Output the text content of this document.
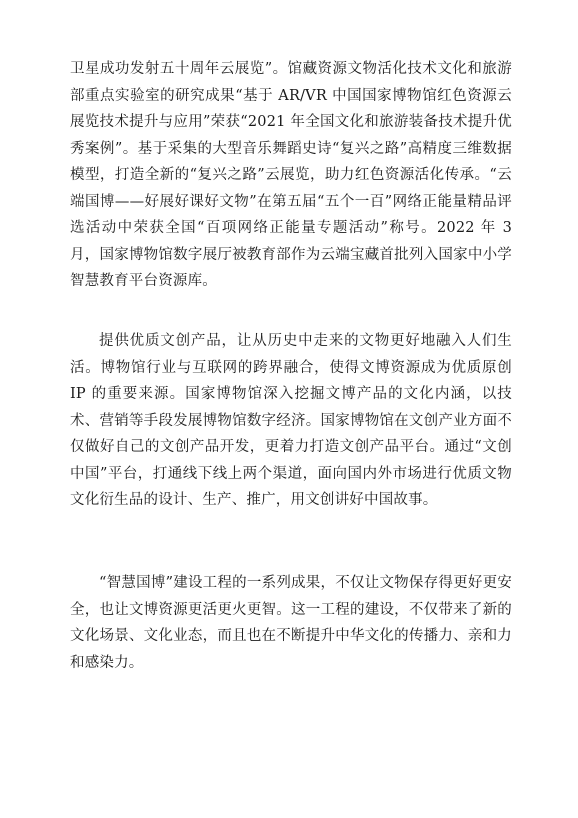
卫星成功发射五十周年云展览”。馆藏资源文物活化技术文化和旅游部重点实验室的研究成果“基于 AR/VR 中国国家博物馆红色资源云展览技术提升与应用”荣获“2021 年全国文化和旅游装备技术提升优秀案例”。基于采集的大型音乐舞蹈史诗“复兴之路”高精度三维数据模型，打造全新的“复兴之路”云展览，助力红色资源活化传承。“云端国博——好展好课好文物”在第五届“五个一百”网络正能量精品评选活动中荣获全国“百项网络正能量专题活动”称号。2022 年 3 月，国家博物馆数字展厅被教育部作为云端宝藏首批列入国家中小学智慧教育平台资源库。

提供优质文创产品，让从历史中走来的文物更好地融入人们生活。博物馆行业与互联网的跨界融合，使得文博资源成为优质原创 IP 的重要来源。国家博物馆深入挖掘文博产品的文化内涵，以技术、营销等手段发展博物馆数字经济。国家博物馆在文创产业方面不仅做好自己的文创产品开发，更着力打造文创产品平台。通过“文创中国”平台，打通线下线上两个渠道，面向国内外市场进行优质文物文化衍生品的设计、生产、推广，用文创讲好中国故事。

“智慧国博”建设工程的一系列成果，不仅让文物保存得更好更安全，也让文博资源更活更火更智。这一工程的建设，不仅带来了新的文化场景、文化业态，而且也在不断提升中华文化的传播力、亲和力和感染力。
